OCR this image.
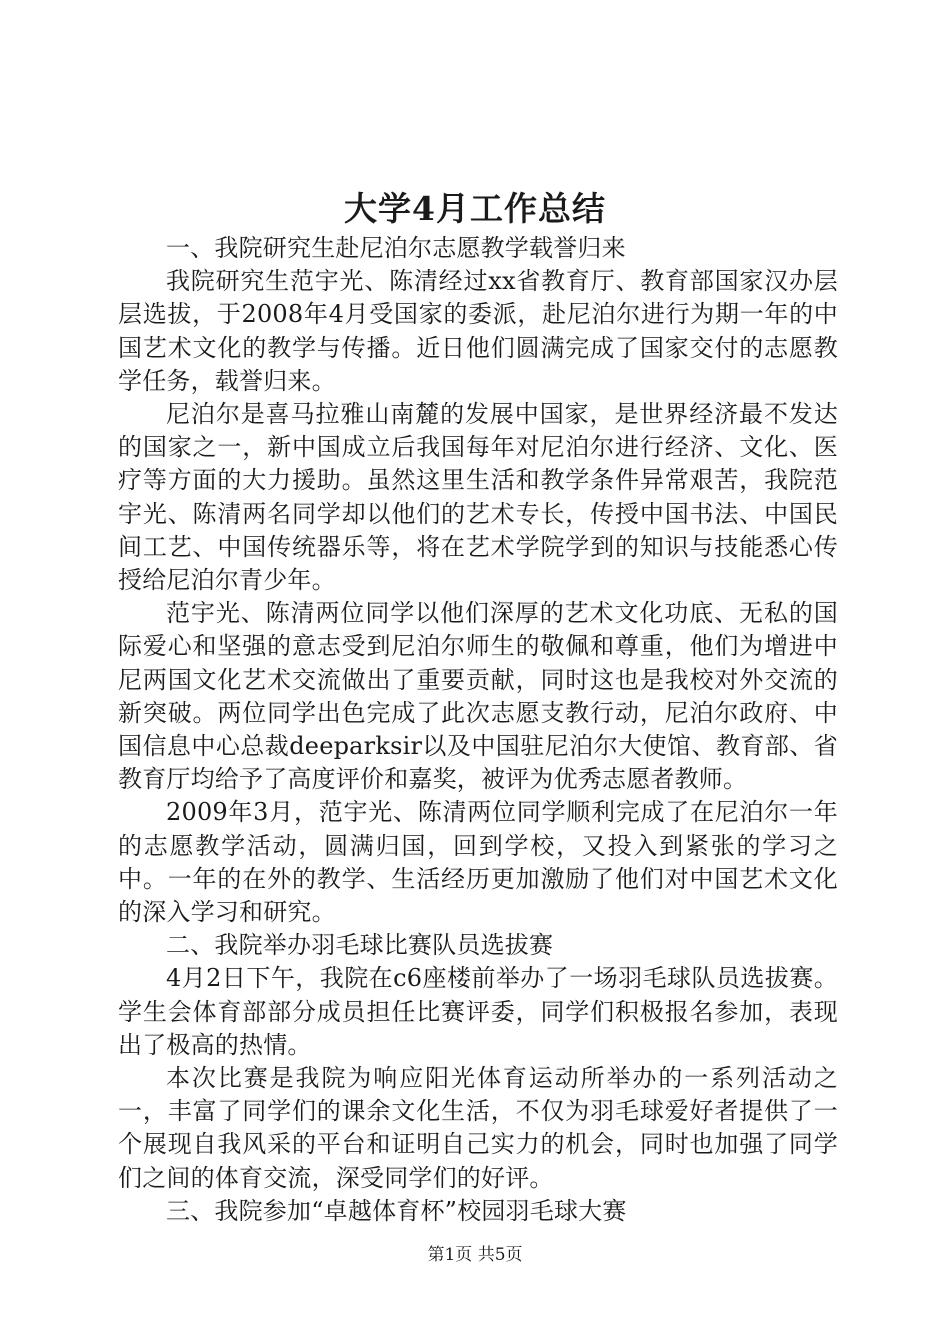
大学4月工作总结

一、我院研究生赴尼泊尔志愿教学载誉归来

我院研究生范宇光、陈清经过xx省教育厅、教育部国家汉办层层选拔，于2008年4月受国家的委派，赴尼泊尔进行为期一年的中国艺术文化的教学与传播。近日他们圆满完成了国家交付的志愿教学任务，载誉归来。

尼泊尔是喜马拉雅山南麓的发展中国家，是世界经济最不发达的国家之一，新中国成立后我国每年对尼泊尔进行经济、文化、医疗等方面的大力援助。虽然这里生活和教学条件异常艰苦，我院范宇光、陈清两名同学却以他们的艺术专长，传授中国书法、中国民间工艺、中国传统器乐等，将在艺术学院学到的知识与技能悉心传授给尼泊尔青少年。

范宇光、陈清两位同学以他们深厚的艺术文化功底、无私的国际爱心和坚强的意志受到尼泊尔师生的敬佩和尊重，他们为增进中尼两国文化艺术交流做出了重要贡献，同时这也是我校对外交流的新突破。两位同学出色完成了此次志愿支教行动，尼泊尔政府、中国信息中心总裁deeparksir以及中国驻尼泊尔大使馆、教育部、省教育厅均给予了高度评价和嘉奖，被评为优秀志愿者教师。

2009年3月，范宇光、陈清两位同学顺利完成了在尼泊尔一年的志愿教学活动，圆满归国，回到学校，又投入到紧张的学习之中。一年的在外的教学、生活经历更加激励了他们对中国艺术文化的深入学习和研究。

二、我院举办羽毛球比赛队员选拔赛

4月2日下午，我院在c6座楼前举办了一场羽毛球队员选拔赛。学生会体育部部分成员担任比赛评委，同学们积极报名参加，表现出了极高的热情。

本次比赛是我院为响应阳光体育运动所举办的一系列活动之一，丰富了同学们的课余文化生活，不仅为羽毛球爱好者提供了一个展现自我风采的平台和证明自己实力的机会，同时也加强了同学们之间的体育交流，深受同学们的好评。

三、我院参加“卓越体育杯”校园羽毛球大赛

第1页 共5页
